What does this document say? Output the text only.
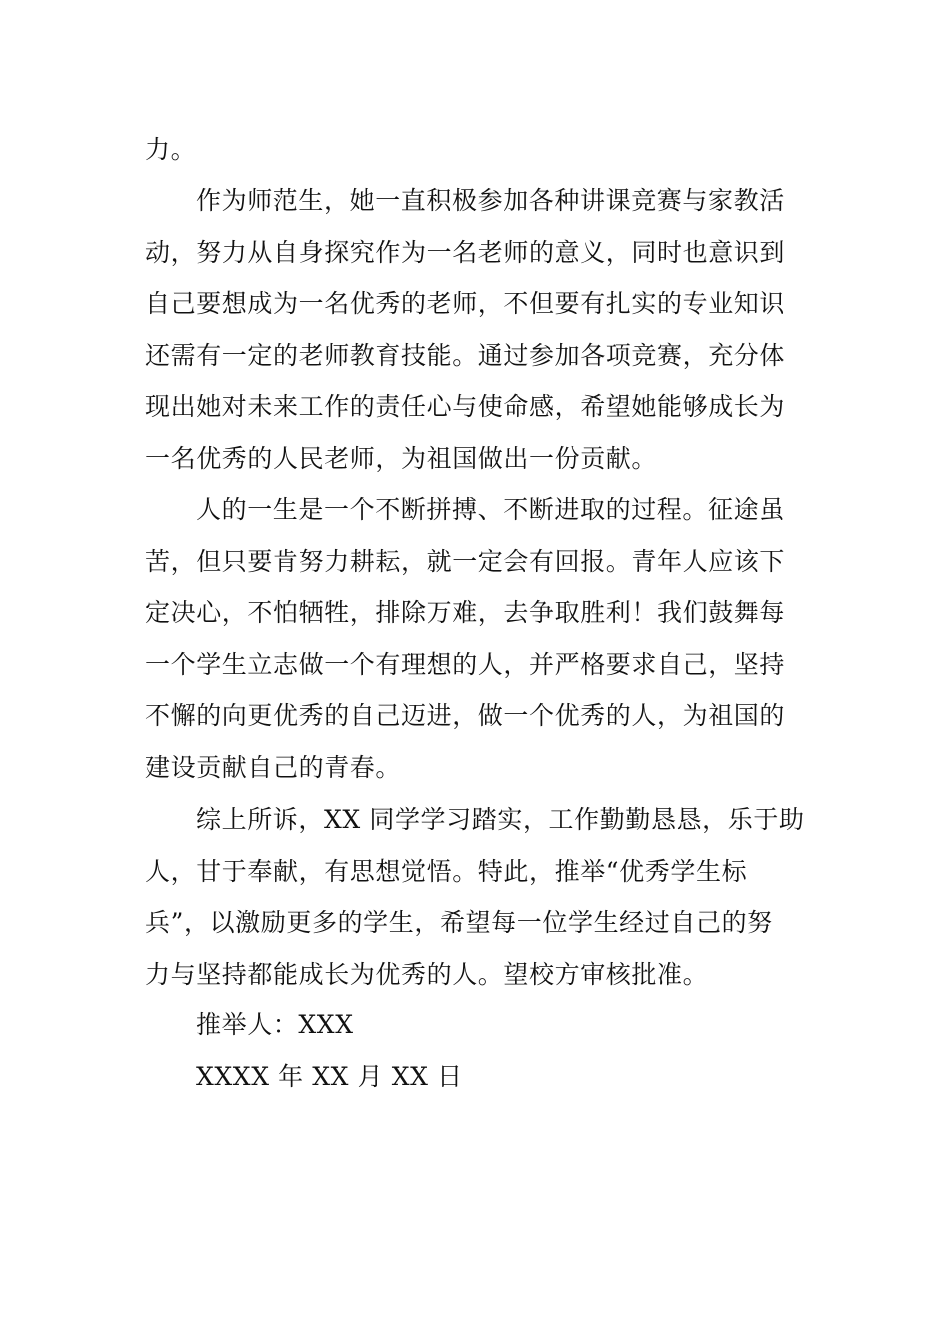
力。
作为师范生，她一直积极参加各种讲课竞赛与家教活
动，努力从自身探究作为一名老师的意义，同时也意识到
自己要想成为一名优秀的老师，不但要有扎实的专业知识
还需有一定的老师教育技能。通过参加各项竞赛，充分体
现出她对未来工作的责任心与使命感，希望她能够成长为
一名优秀的人民老师，为祖国做出一份贡献。
人的一生是一个不断拼搏、不断进取的过程。征途虽
苦，但只要肯努力耕耘，就一定会有回报。青年人应该下
定决心，不怕牺牲，排除万难，去争取胜利！我们鼓舞每
一个学生立志做一个有理想的人，并严格要求自己，坚持
不懈的向更优秀的自己迈进，做一个优秀的人，为祖国的
建设贡献自己的青春。
综上所诉，XX 同学学习踏实，工作勤勤恳恳，乐于助
人，甘于奉献，有思想觉悟。特此，推举“优秀学生标
兵”，以激励更多的学生，希望每一位学生经过自己的努
力与坚持都能成长为优秀的人。望校方审核批准。
推举人：XXX
XXXX 年 XX 月 XX 日
